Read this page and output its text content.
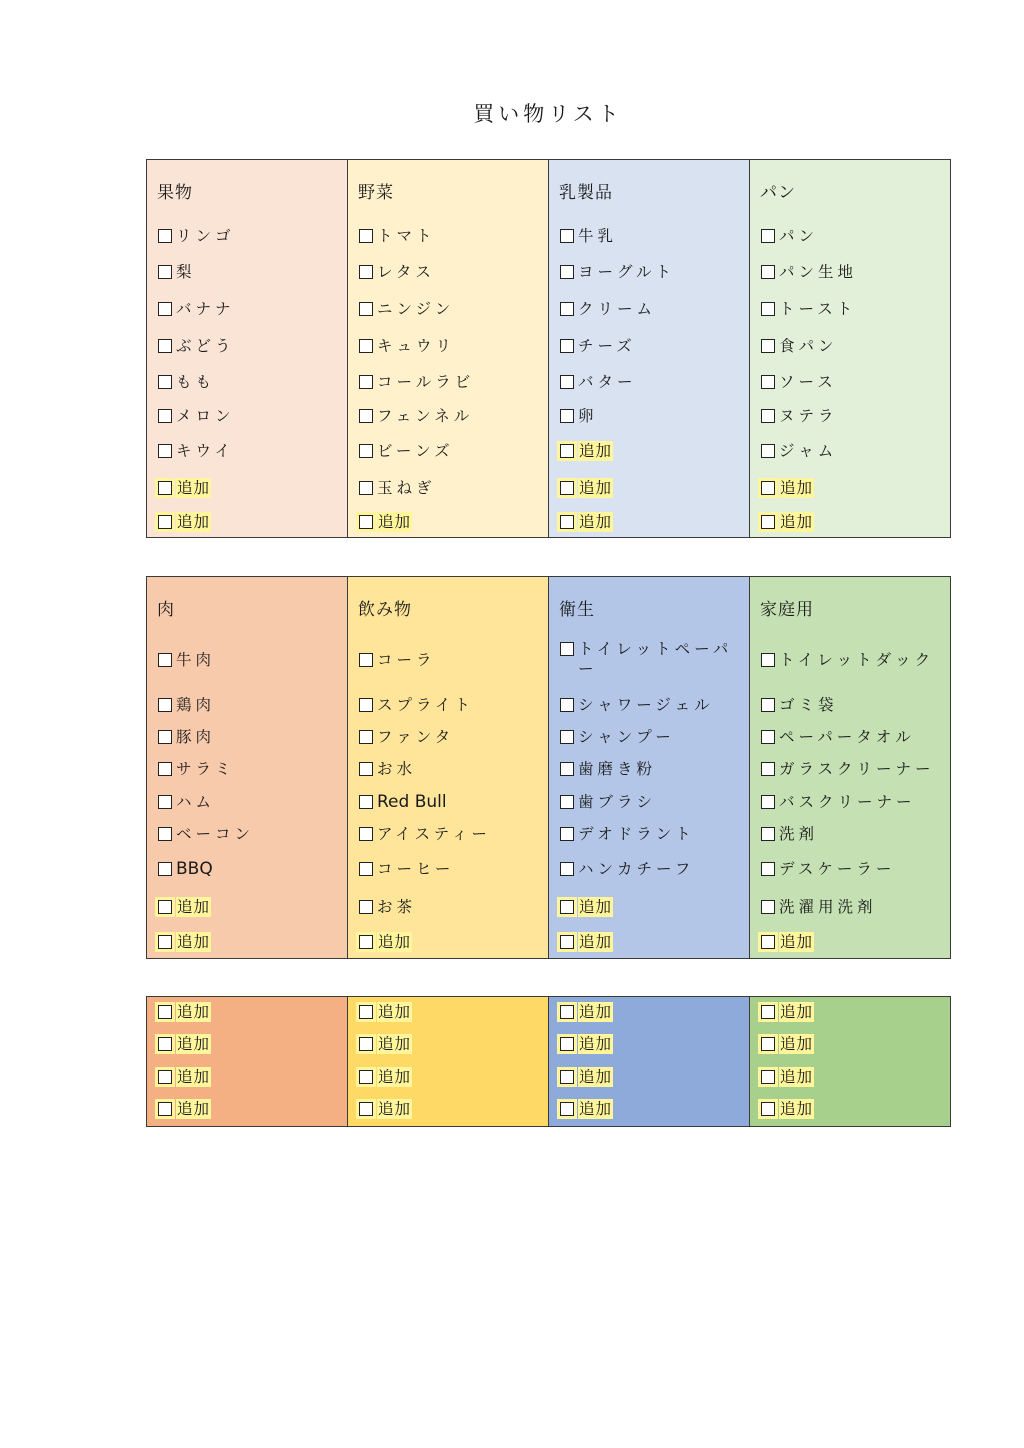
買い物リスト
果物
リンゴ
梨
バナナ
ぶどう
もも
メロン
キウイ
追加
追加
野菜
トマト
レタス
ニンジン
キュウリ
コールラビ
フェンネル
ビーンズ
玉ねぎ
追加
乳製品
牛乳
ヨーグルト
クリーム
チーズ
バター
卵
追加
追加
追加
パン
パン
パン生地
トースト
食パン
ソース
ヌテラ
ジャム
追加
追加
肉
牛肉
鶏肉
豚肉
サラミ
ハム
ベーコン
BBQ
追加
追加
飲み物
コーラ
スプライト
ファンタ
お水
Red Bull
アイスティー
コーヒー
お茶
追加
衛生
トイレットペーパー
シャワージェル
シャンプー
歯磨き粉
歯ブラシ
デオドラント
ハンカチーフ
追加
追加
家庭用
トイレットダック
ゴミ袋
ペーパータオル
ガラスクリーナー
バスクリーナー
洗剤
デスケーラー
洗濯用洗剤
追加
追加
追加
追加
追加
追加
追加
追加
追加
追加
追加
追加
追加
追加
追加
追加
追加
